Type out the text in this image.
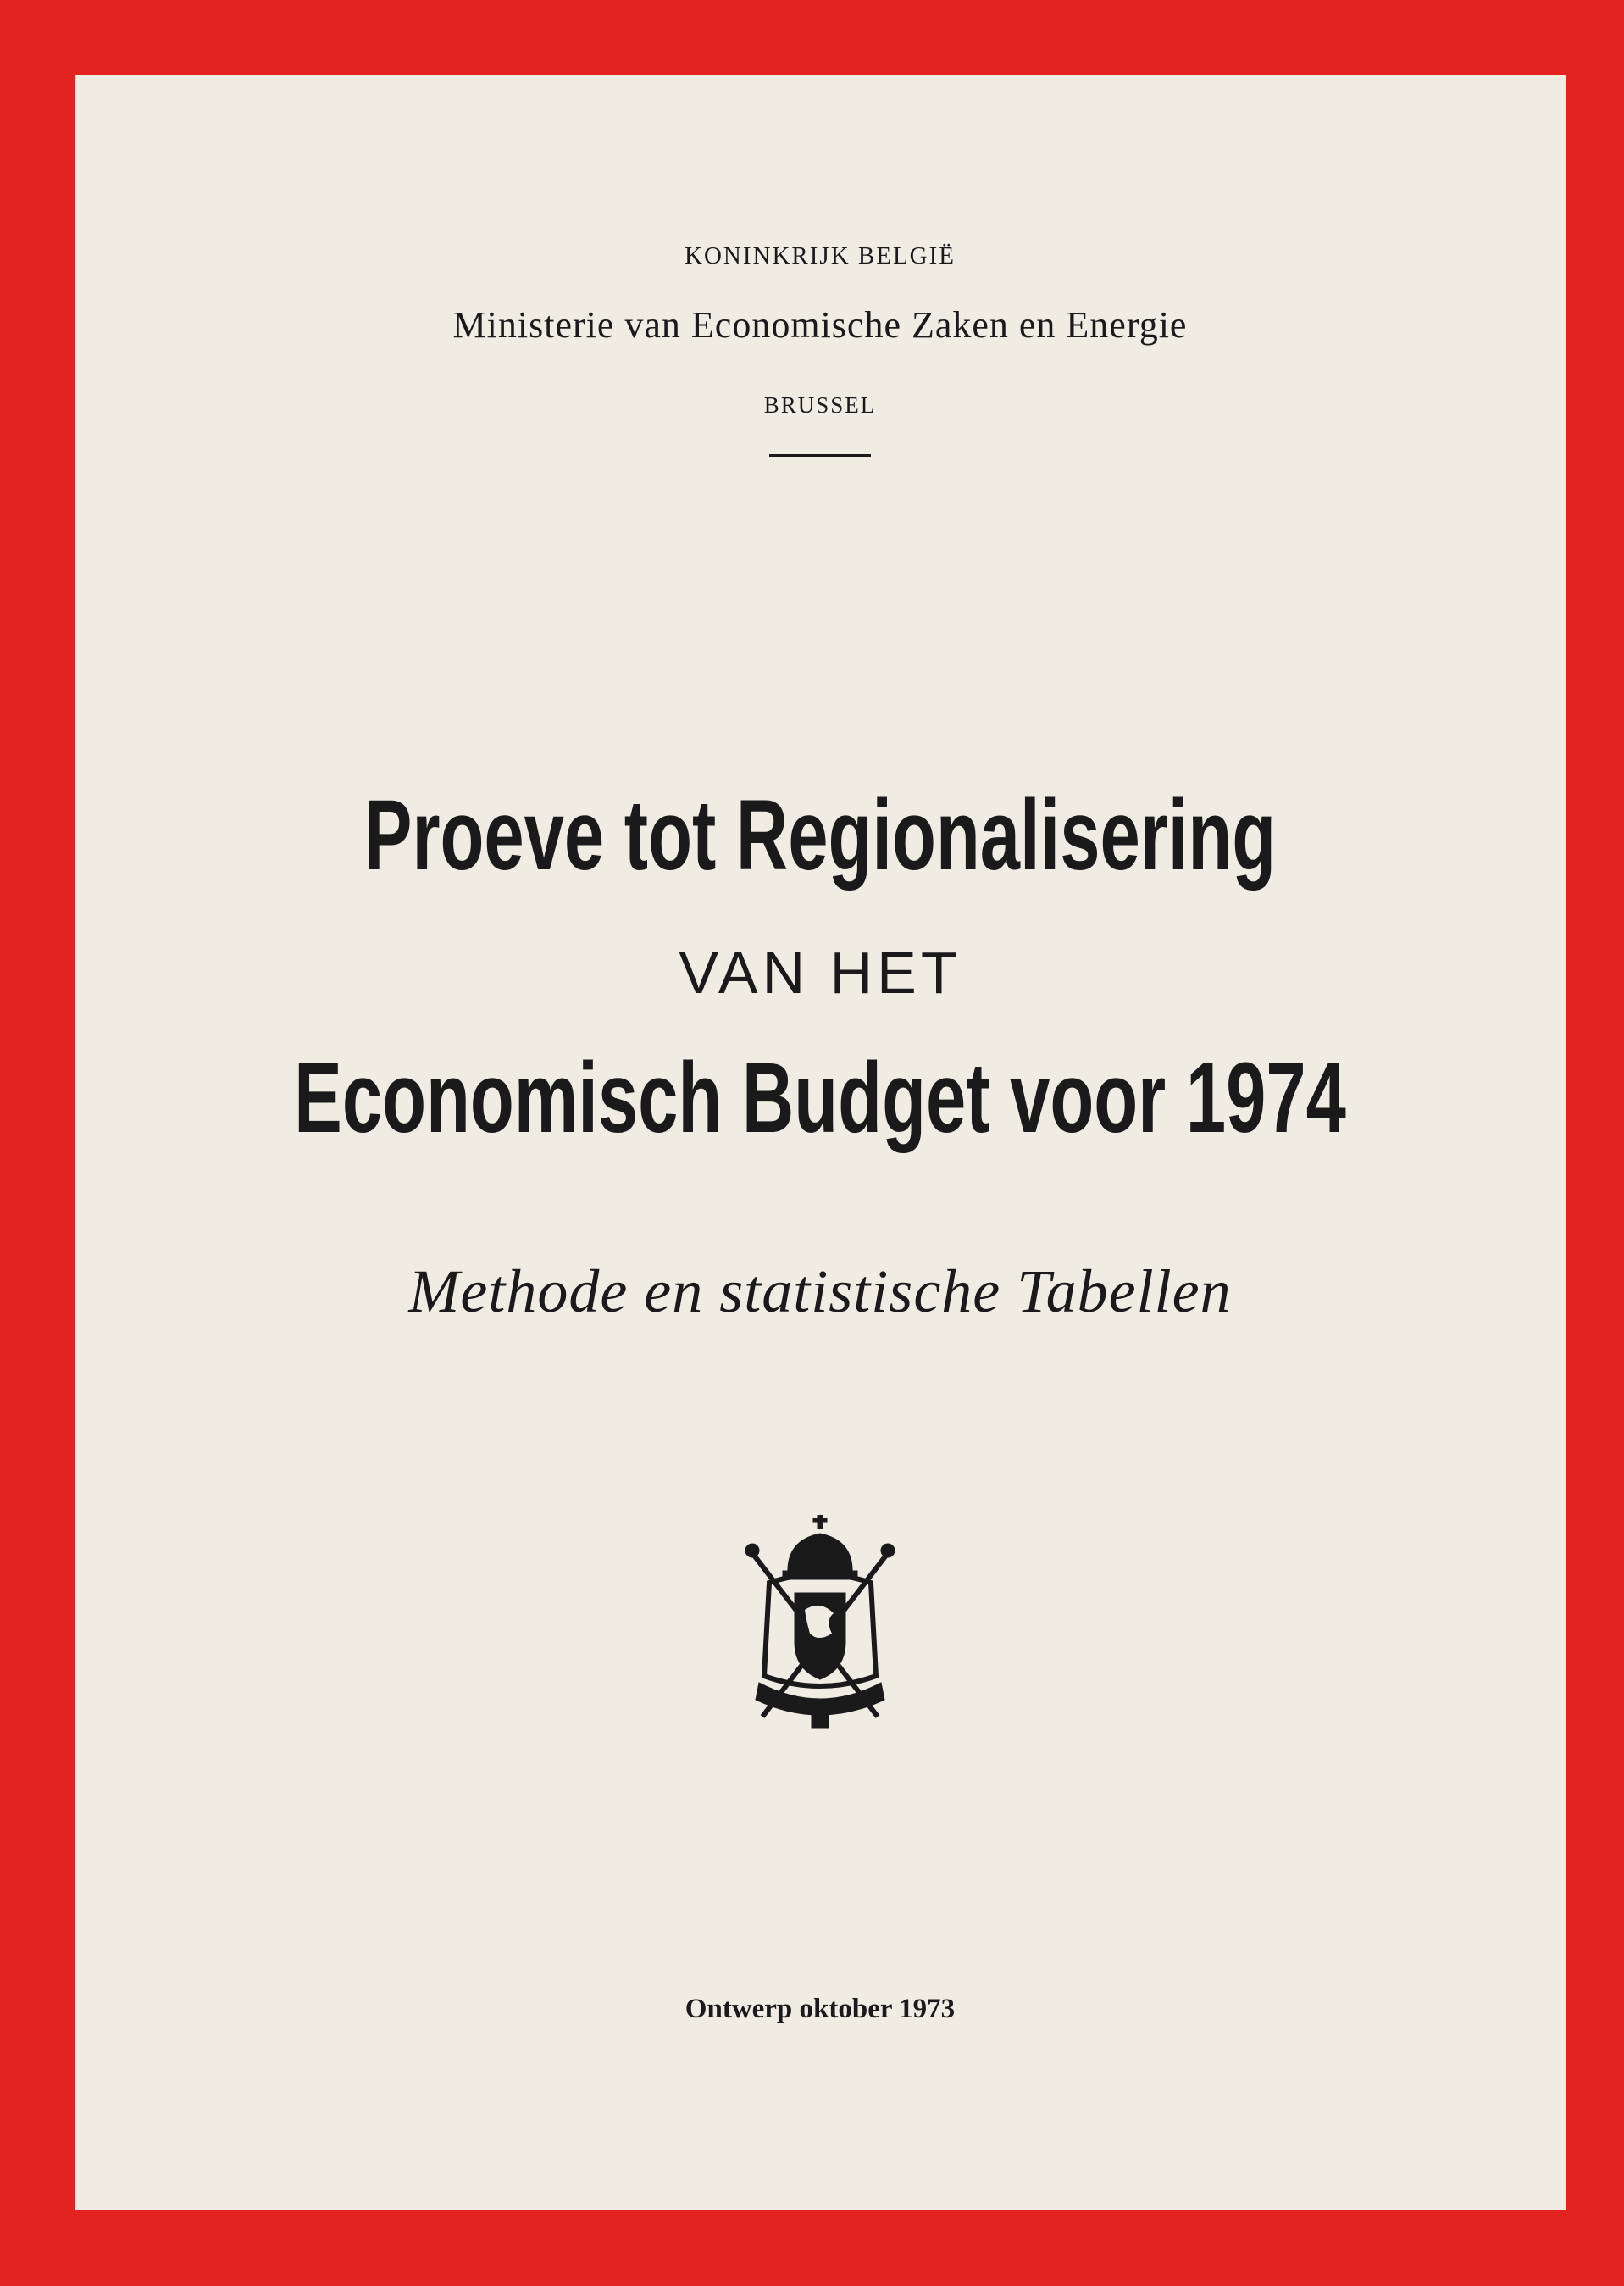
KONINKRIJK BELGIË
Ministerie van Economische Zaken en Energie
BRUSSEL
Proeve tot Regionalisering
VAN HET
Economisch Budget voor 1974
Methode en statistische Tabellen
Ontwerp oktober 1973
